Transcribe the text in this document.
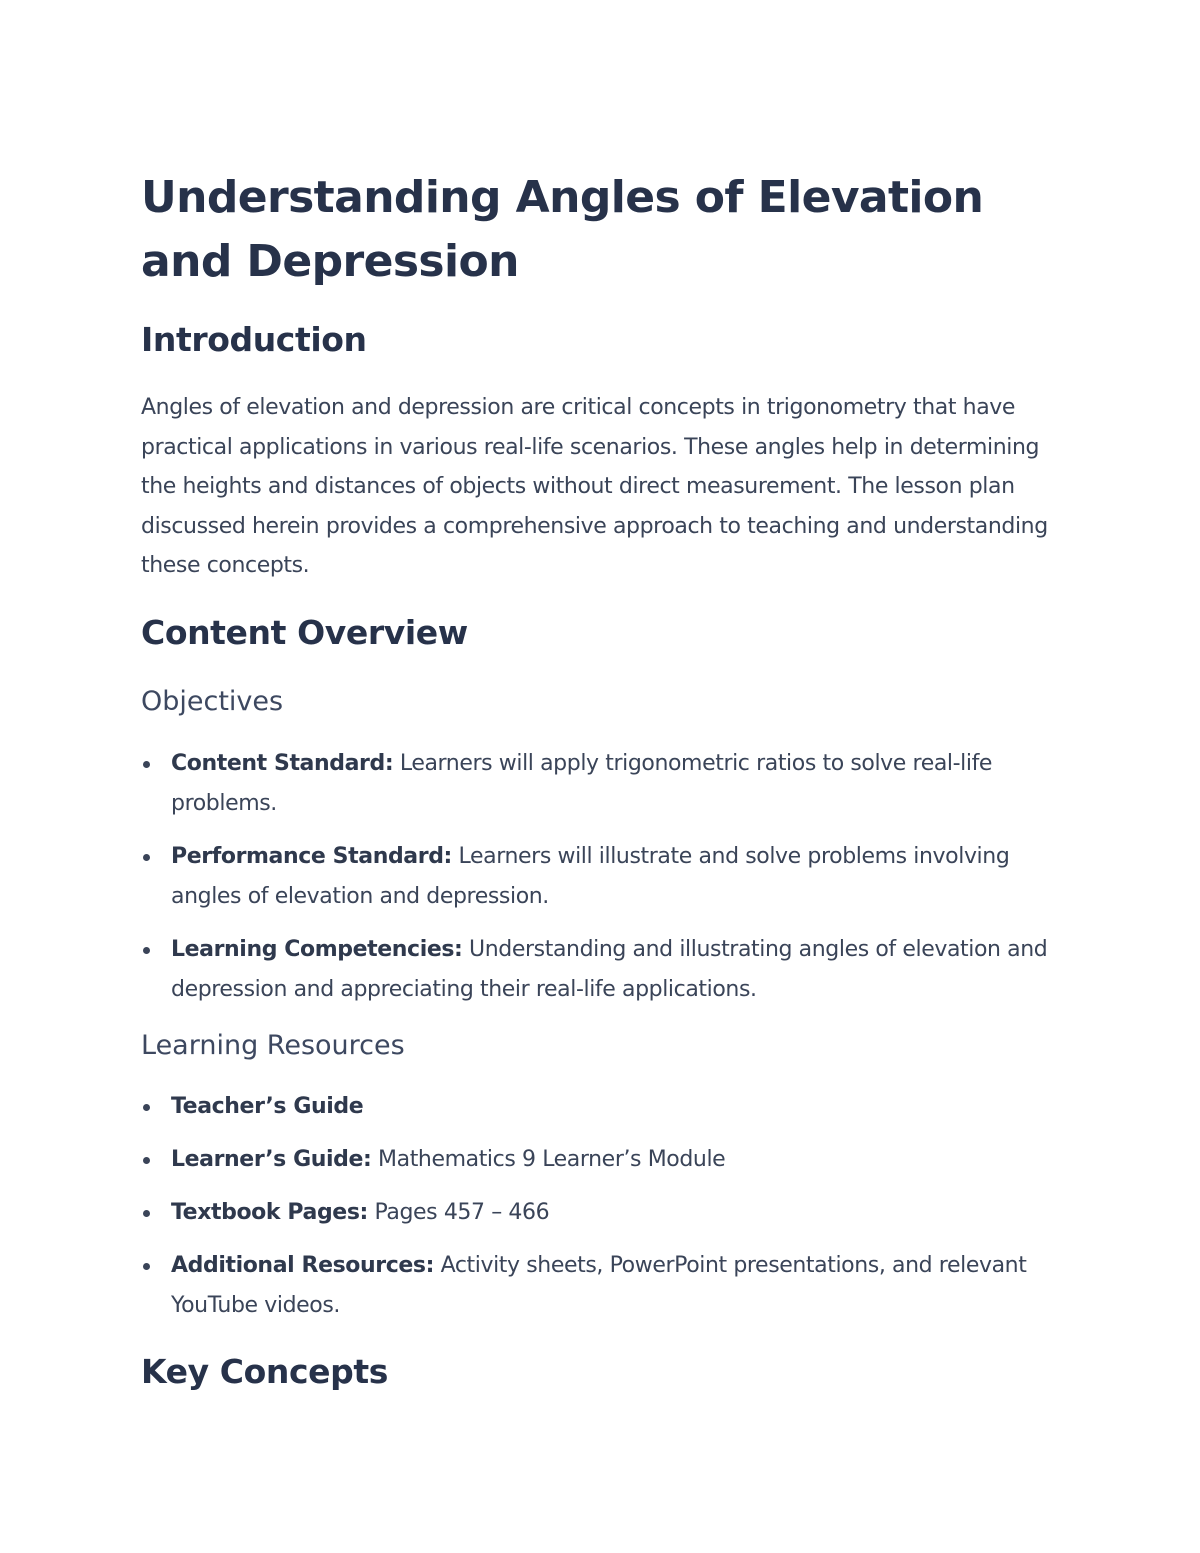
Understanding Angles of Elevation and Depression
Introduction

Angles of elevation and depression are critical concepts in trigonometry that have practical applications in various real-life scenarios. These angles help in determining the heights and distances of objects without direct measurement. The lesson plan discussed herein provides a comprehensive approach to teaching and understanding these concepts.

Content Overview
Objectives
Content Standard: Learners will apply trigonometric ratios to solve real-life problems.
Performance Standard: Learners will illustrate and solve problems involving angles of elevation and depression.
Learning Competencies: Understanding and illustrating angles of elevation and depression and appreciating their real-life applications.
Learning Resources
Teacher’s Guide
Learner’s Guide: Mathematics 9 Learner’s Module
Textbook Pages: Pages 457 – 466
Additional Resources: Activity sheets, PowerPoint presentations, and relevant YouTube videos.
Key Concepts
